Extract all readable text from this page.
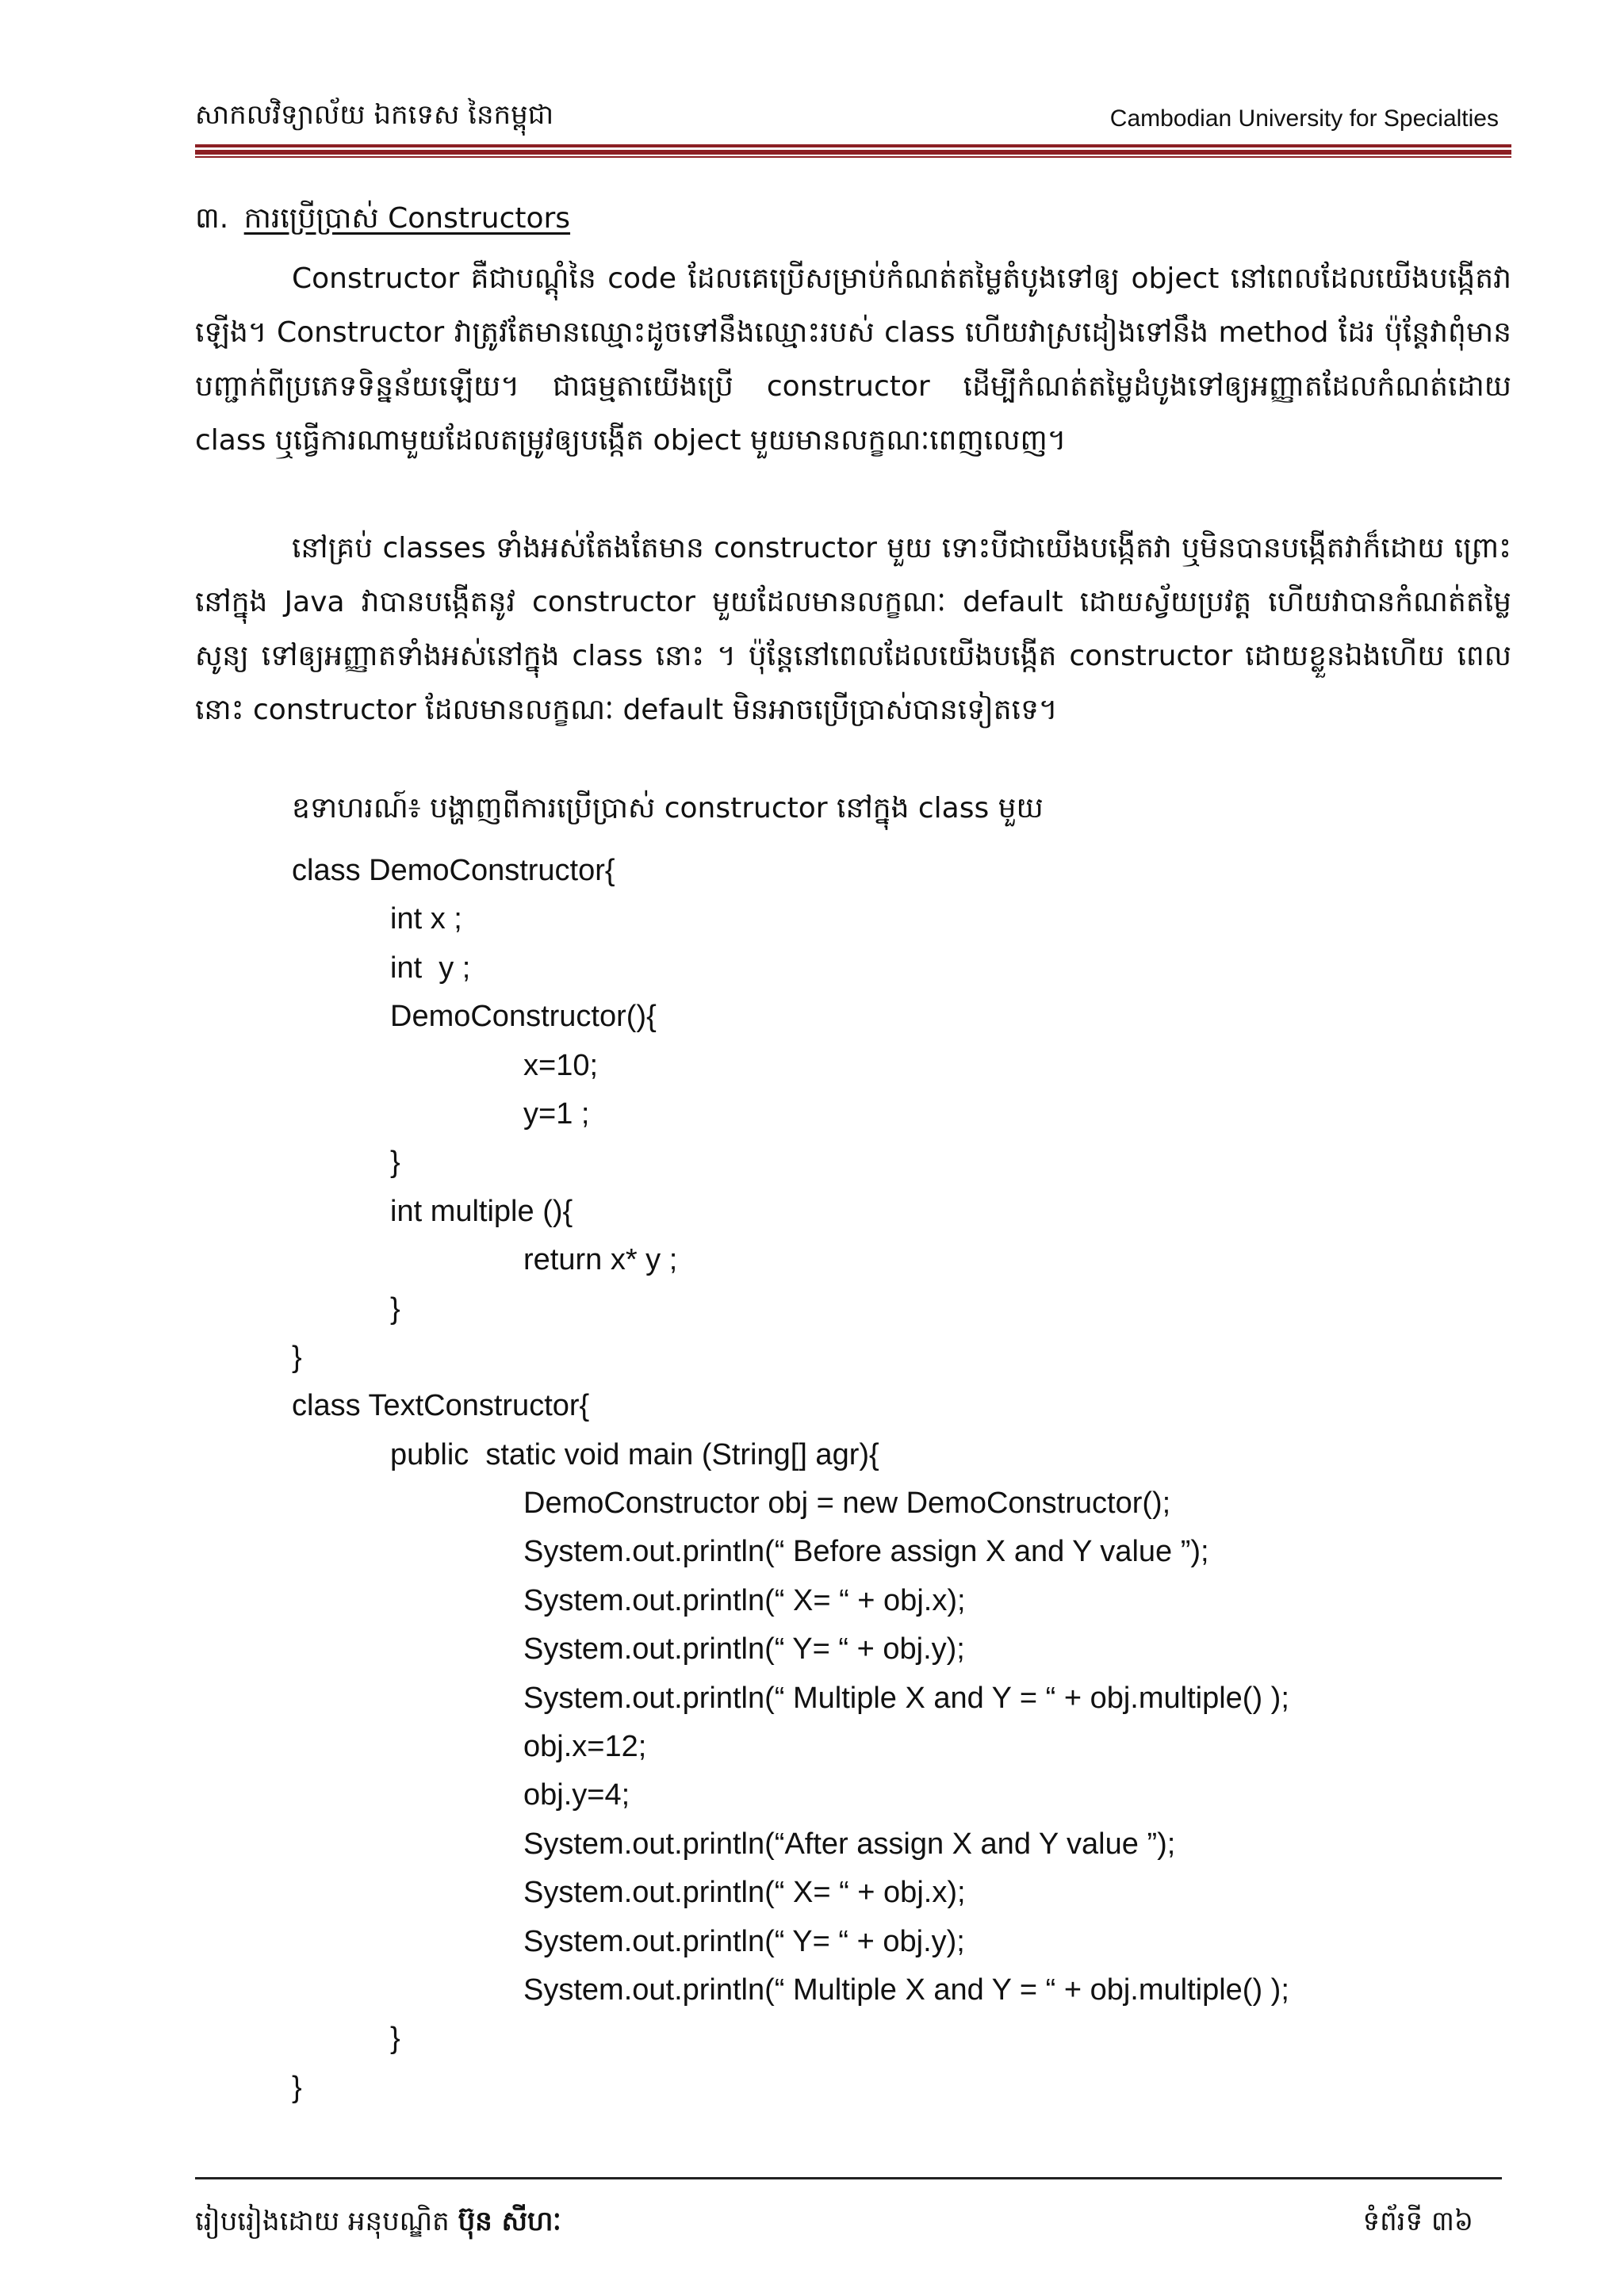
សាកលវិទ្យាល័យ ឯកទេស នៃកម្ពុជា	Cambodian University for Specialties
៣. ការប្រើប្រាស់ Constructors

Constructor គឺជាបណ្តុំនៃ code ដែលគេប្រើសម្រាប់កំណត់តម្លៃតំបូងទៅឲ្យ object នៅពេលដែលយើងបង្កើតវាឡើង។ Constructor វាត្រូវតែមានឈ្មោះដូចទៅនឹងឈ្មោះរបស់ class ហើយវាស្រដៀងទៅនឹង method ដែរ ប៉ុន្តែវាពុំមានបញ្ជាក់ពីប្រភេទទិន្នន័យឡើយ។ ជាធម្មតាយើងប្រើ constructor ដើម្បីកំណត់តម្លៃដំបូងទៅឲ្យអញ្ញាតដែលកំណត់ដោយ class ឬធ្វើការណាមួយដែលតម្រូវឲ្យបង្កើត object មួយមានលក្ខណៈពេញលេញ។

នៅគ្រប់ classes ទាំងអស់តែងតែមាន constructor មួយ ទោះបីជាយើងបង្កើតវា ឬមិនបានបង្កើតវាក៏ដោយ ព្រោះនៅក្នុង Java វាបានបង្កើតនូវ constructor មួយដែលមានលក្ខណៈ default ដោយស្វ័យប្រវត្ត ហើយវាបានកំណត់តម្លៃ សូន្យ ទៅឲ្យអញ្ញាតទាំងអស់នៅក្នុង class នោះ ។ ប៉ុន្តែនៅពេលដែលយើងបង្កើត constructor ដោយខ្លួនឯងហើយ ពេលនោះ constructor ដែលមានលក្ខណៈ default មិនអាចប្រើប្រាស់បានទៀតទេ។

ឧទាហរណ៍៖ បង្ហាញពីការប្រើប្រាស់ constructor នៅក្នុង class មួយ
class DemoConstructor{
int x ;
int  y ;
DemoConstructor(){
x=10;
y=1 ;
}
int multiple (){
return x* y ;
}
}
class TextConstructor{
public  static void main (String[] agr){
DemoConstructor obj = new DemoConstructor();
System.out.println(“ Before assign X and Y value ”);
System.out.println(“ X= “ + obj.x);
System.out.println(“ Y= “ + obj.y);
System.out.println(“ Multiple X and Y = “ + obj.multiple() );
obj.x=12;
obj.y=4;
System.out.println(“After assign X and Y value ”);
System.out.println(“ X= “ + obj.x);
System.out.println(“ Y= “ + obj.y);
System.out.println(“ Multiple X and Y = “ + obj.multiple() );
}
}
រៀបរៀងដោយ អនុបណ្ឌិត ប៊ុន សីហៈ	ទំព័រទី ៣៦
